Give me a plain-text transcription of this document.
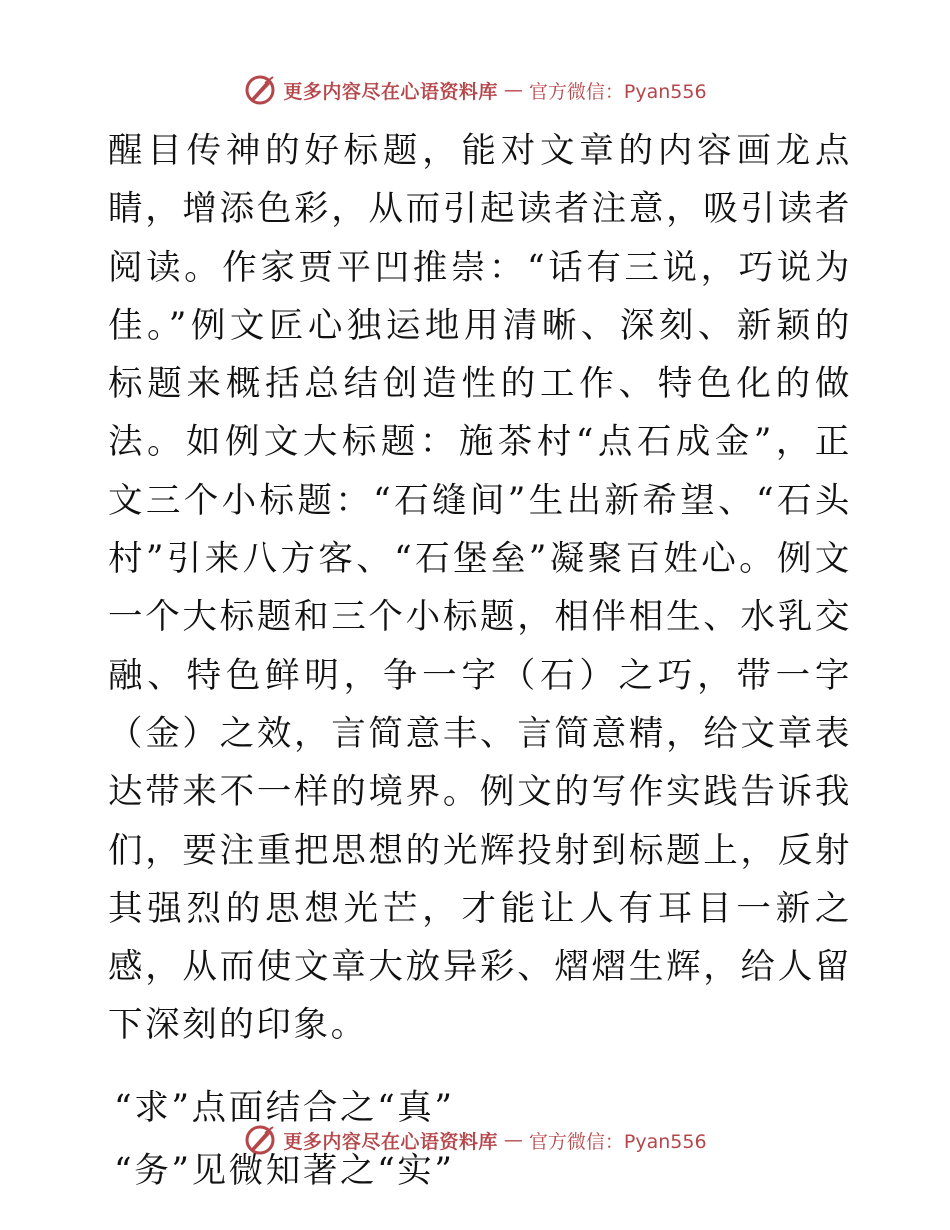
更多内容尽在心语资料库 — 官方微信：Pyan556

醒目传神的好标题，能对文章的内容画龙点睛，增添色彩，从而引起读者注意，吸引读者阅读。作家贾平凹推崇：“话有三说，巧说为佳。”例文匠心独运地用清晰、深刻、新颖的标题来概括总结创造性的工作、特色化的做法。如例文大标题：施茶村“点石成金”，正文三个小标题：“石缝间”生出新希望、“石头村”引来八方客、“石堡垒”凝聚百姓心。例文一个大标题和三个小标题，相伴相生、水乳交融、特色鲜明，争一字（石）之巧，带一字（金）之效，言简意丰、言简意精，给文章表达带来不一样的境界。例文的写作实践告诉我们，要注重把思想的光辉投射到标题上，反射其强烈的思想光芒，才能让人有耳目一新之感，从而使文章大放异彩、熠熠生辉，给人留下深刻的印象。

“求”点面结合之“真”

“务”见微知著之“实”

更多内容尽在心语资料库 — 官方微信：Pyan556
